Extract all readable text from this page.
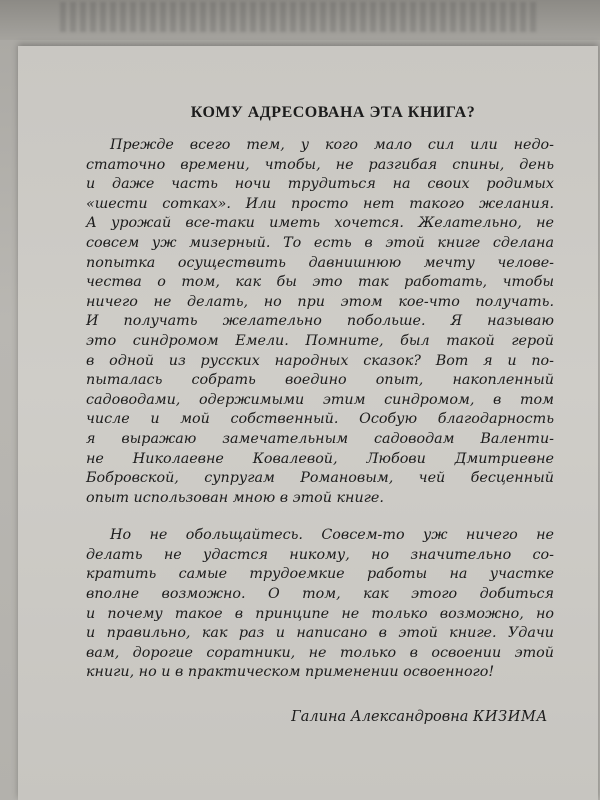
КОМУ АДРЕСОВАНА ЭТА КНИГА?

Прежде всего тем, у кого мало сил или недо-
статочно времени, чтобы, не разгибая спины, день
и даже часть ночи трудиться на своих родимых
«шести сотках». Или просто нет такого желания.
А урожай все-таки иметь хочется. Желательно, не
совсем уж мизерный. То есть в этой книге сделана
попытка осуществить давнишнюю мечту челове-
чества о том, как бы это так работать, чтобы
ничего не делать, но при этом кое-что получать.
И получать желательно побольше. Я называю
это синдромом Емели. Помните, был такой герой
в одной из русских народных сказок? Вот я и по-
пыталась собрать воедино опыт, накопленный
садоводами, одержимыми этим синдромом, в том
числе и мой собственный. Особую благодарность
я выражаю замечательным садоводам Валенти-
не Николаевне Ковалевой, Любови Дмитриевне
Бобровской, супругам Романовым, чей бесценный
опыт использован мною в этой книге.

Но не обольщайтесь. Совсем-то уж ничего не
делать не удастся никому, но значительно со-
кратить самые трудоемкие работы на участке
вполне возможно. О том, как этого добиться
и почему такое в принципе не только возможно, но
и правильно, как раз и написано в этой книге. Удачи
вам, дорогие соратники, не только в освоении этой
книги, но и в практическом применении освоенного!

Галина Александровна КИЗИМА
